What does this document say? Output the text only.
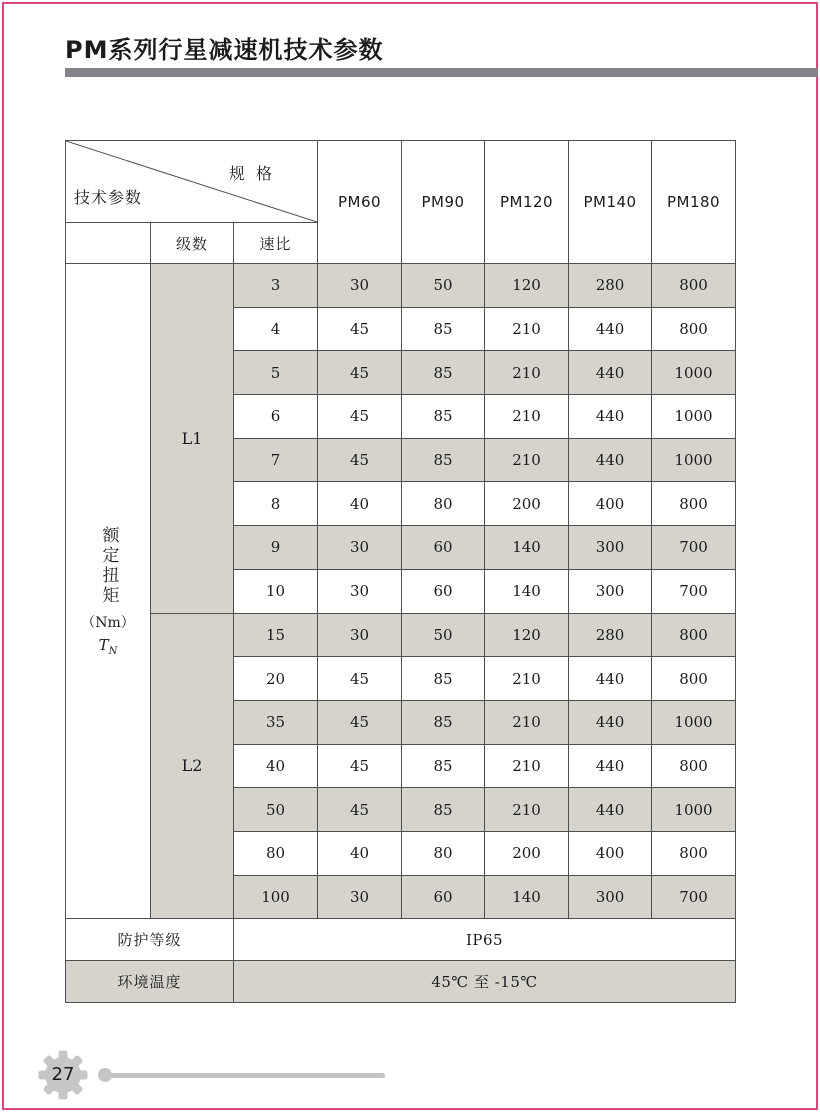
PM系列行星减速机技术参数
规 格
技术参数			PM60	PM90	PM120	PM140	PM180
	级数	速比					

额定扭矩
（Nm）
$T_N$	L1	3	30	50	120	280	800
		4	45	85	210	440	800
		5	45	85	210	440	1000
		6	45	85	210	440	1000
		7	45	85	210	440	1000
		8	40	80	200	400	800
		9	30	60	140	300	700
		10	30	60	140	300	700
	L2	15	30	50	120	280	800
		20	45	85	210	440	800
		35	45	85	210	440	1000
		40	45	85	210	440	800
		50	45	85	210	440	1000
		80	40	80	200	400	800
		100	30	60	140	300	700
防护等级		IP65					
环境温度		45℃ 至 -15℃					
27
